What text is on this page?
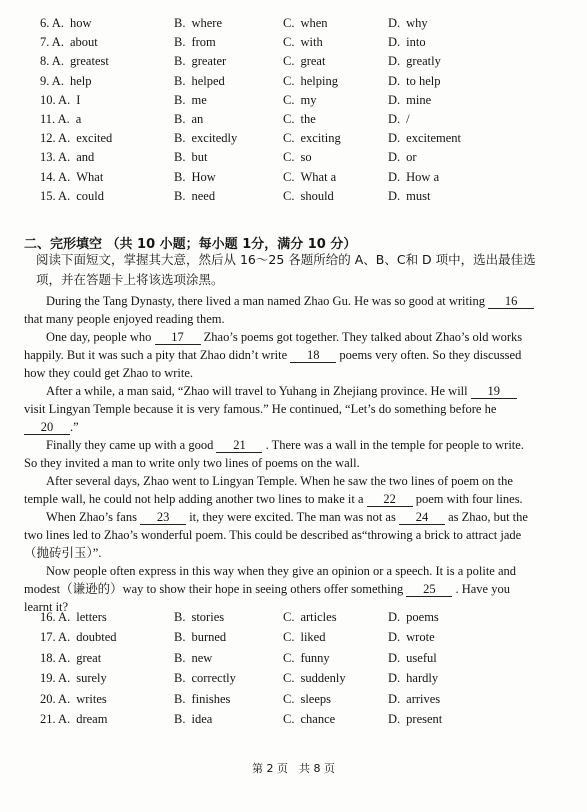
6. A. how	B. where	C. when	D. why
7. A. about	B. from	C. with	D. into
8. A. greatest	B. greater	C. great	D. greatly
9. A. help	B. helped	C. helping	D. to help
10. A. I	B. me	C. my	D. mine
11. A. a	B. an	C. the	D. /
12. A. excited	B. excitedly	C. exciting	D. excitement
13. A. and	B. but	C. so	D. or
14. A. What	B. How	C. What a	D. How a
15. A. could	B. need	C. should	D. must
二、完形填空 （共 10 小题；每小题 1分，满分 10 分）
阅读下面短文，掌握其大意，然后从 16～25 各题所给的 A、B、C和 D 项中，选出最佳选
项，并在答题卡上将该选项涂黑。
During the Tang Dynasty, there lived a man named Zhao Gu. He was so good at writing 16
that many people enjoyed reading them.
One day, people who 17 Zhao’s poems got together. They talked about Zhao’s old works
happily. But it was such a pity that Zhao didn’t write 18 poems very often. So they discussed
how they could get Zhao to write.
After a while, a man said, “Zhao will travel to Yuhang in Zhejiang province. He will 19
visit Lingyan Temple because it is very famous.” He continued, “Let’s do something before he
20 .”
Finally they came up with a good 21 . There was a wall in the temple for people to write.
So they invited a man to write only two lines of poems on the wall.
After several days, Zhao went to Lingyan Temple. When he saw the two lines of poem on the
temple wall, he could not help adding another two lines to make it a 22 poem with four lines.
When Zhao’s fans 23 it, they were excited. The man was not as 24 as Zhao, but the
two lines led to Zhao’s wonderful poem. This could be described as“throwing a brick to attract jade
（抛砖引玉）”.
Now people often express in this way when they give an opinion or a speech. It is a polite and
modest（谦逊的）way to show their hope in seeing others offer something 25 . Have you
learnt it?
16. A. letters	B. stories	C. articles	D. poems
17. A. doubted	B. burned	C. liked	D. wrote
18. A. great	B. new	C. funny	D. useful
19. A. surely	B. correctly	C. suddenly	D. hardly
20. A. writes	B. finishes	C. sleeps	D. arrives
21. A. dream	B. idea	C. chance	D. present
第 2 页　共 8 页
